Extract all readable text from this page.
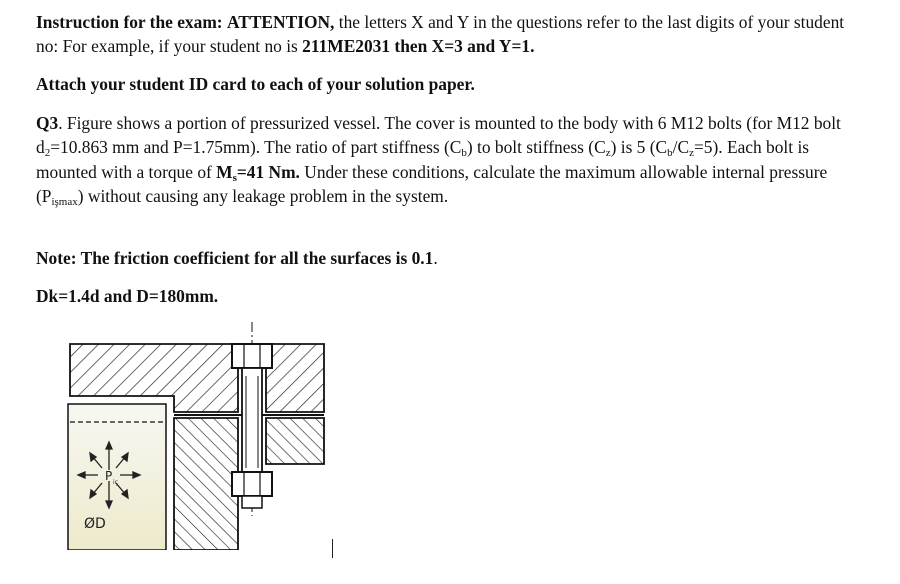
Instruction for the exam: ATTENTION, the letters X and Y in the questions refer to the last digits of your student no: For example, if your student no is 211ME2031 then X=3 and Y=1.
Attach your student ID card to each of your solution paper.
Q3. Figure shows a portion of pressurized vessel. The cover is mounted to the body with 6 M12 bolts (for M12 bolt $d_2=10.863$ mm and P=1.75mm). The ratio of part stiffness $(C_b)$ to bolt stiffness $(C_z)$ is 5 $(C_b/C_z=5)$. Each bolt is mounted with a torque of $M_s=41$ Nm. Under these conditions, calculate the maximum allowable internal pressure $(P_{işmax})$ without causing any leakage problem in the system.
Note: The friction coefficient for all the surfaces is 0.1.
Dk=1.4d and D=180mm.
P iç
ØD
